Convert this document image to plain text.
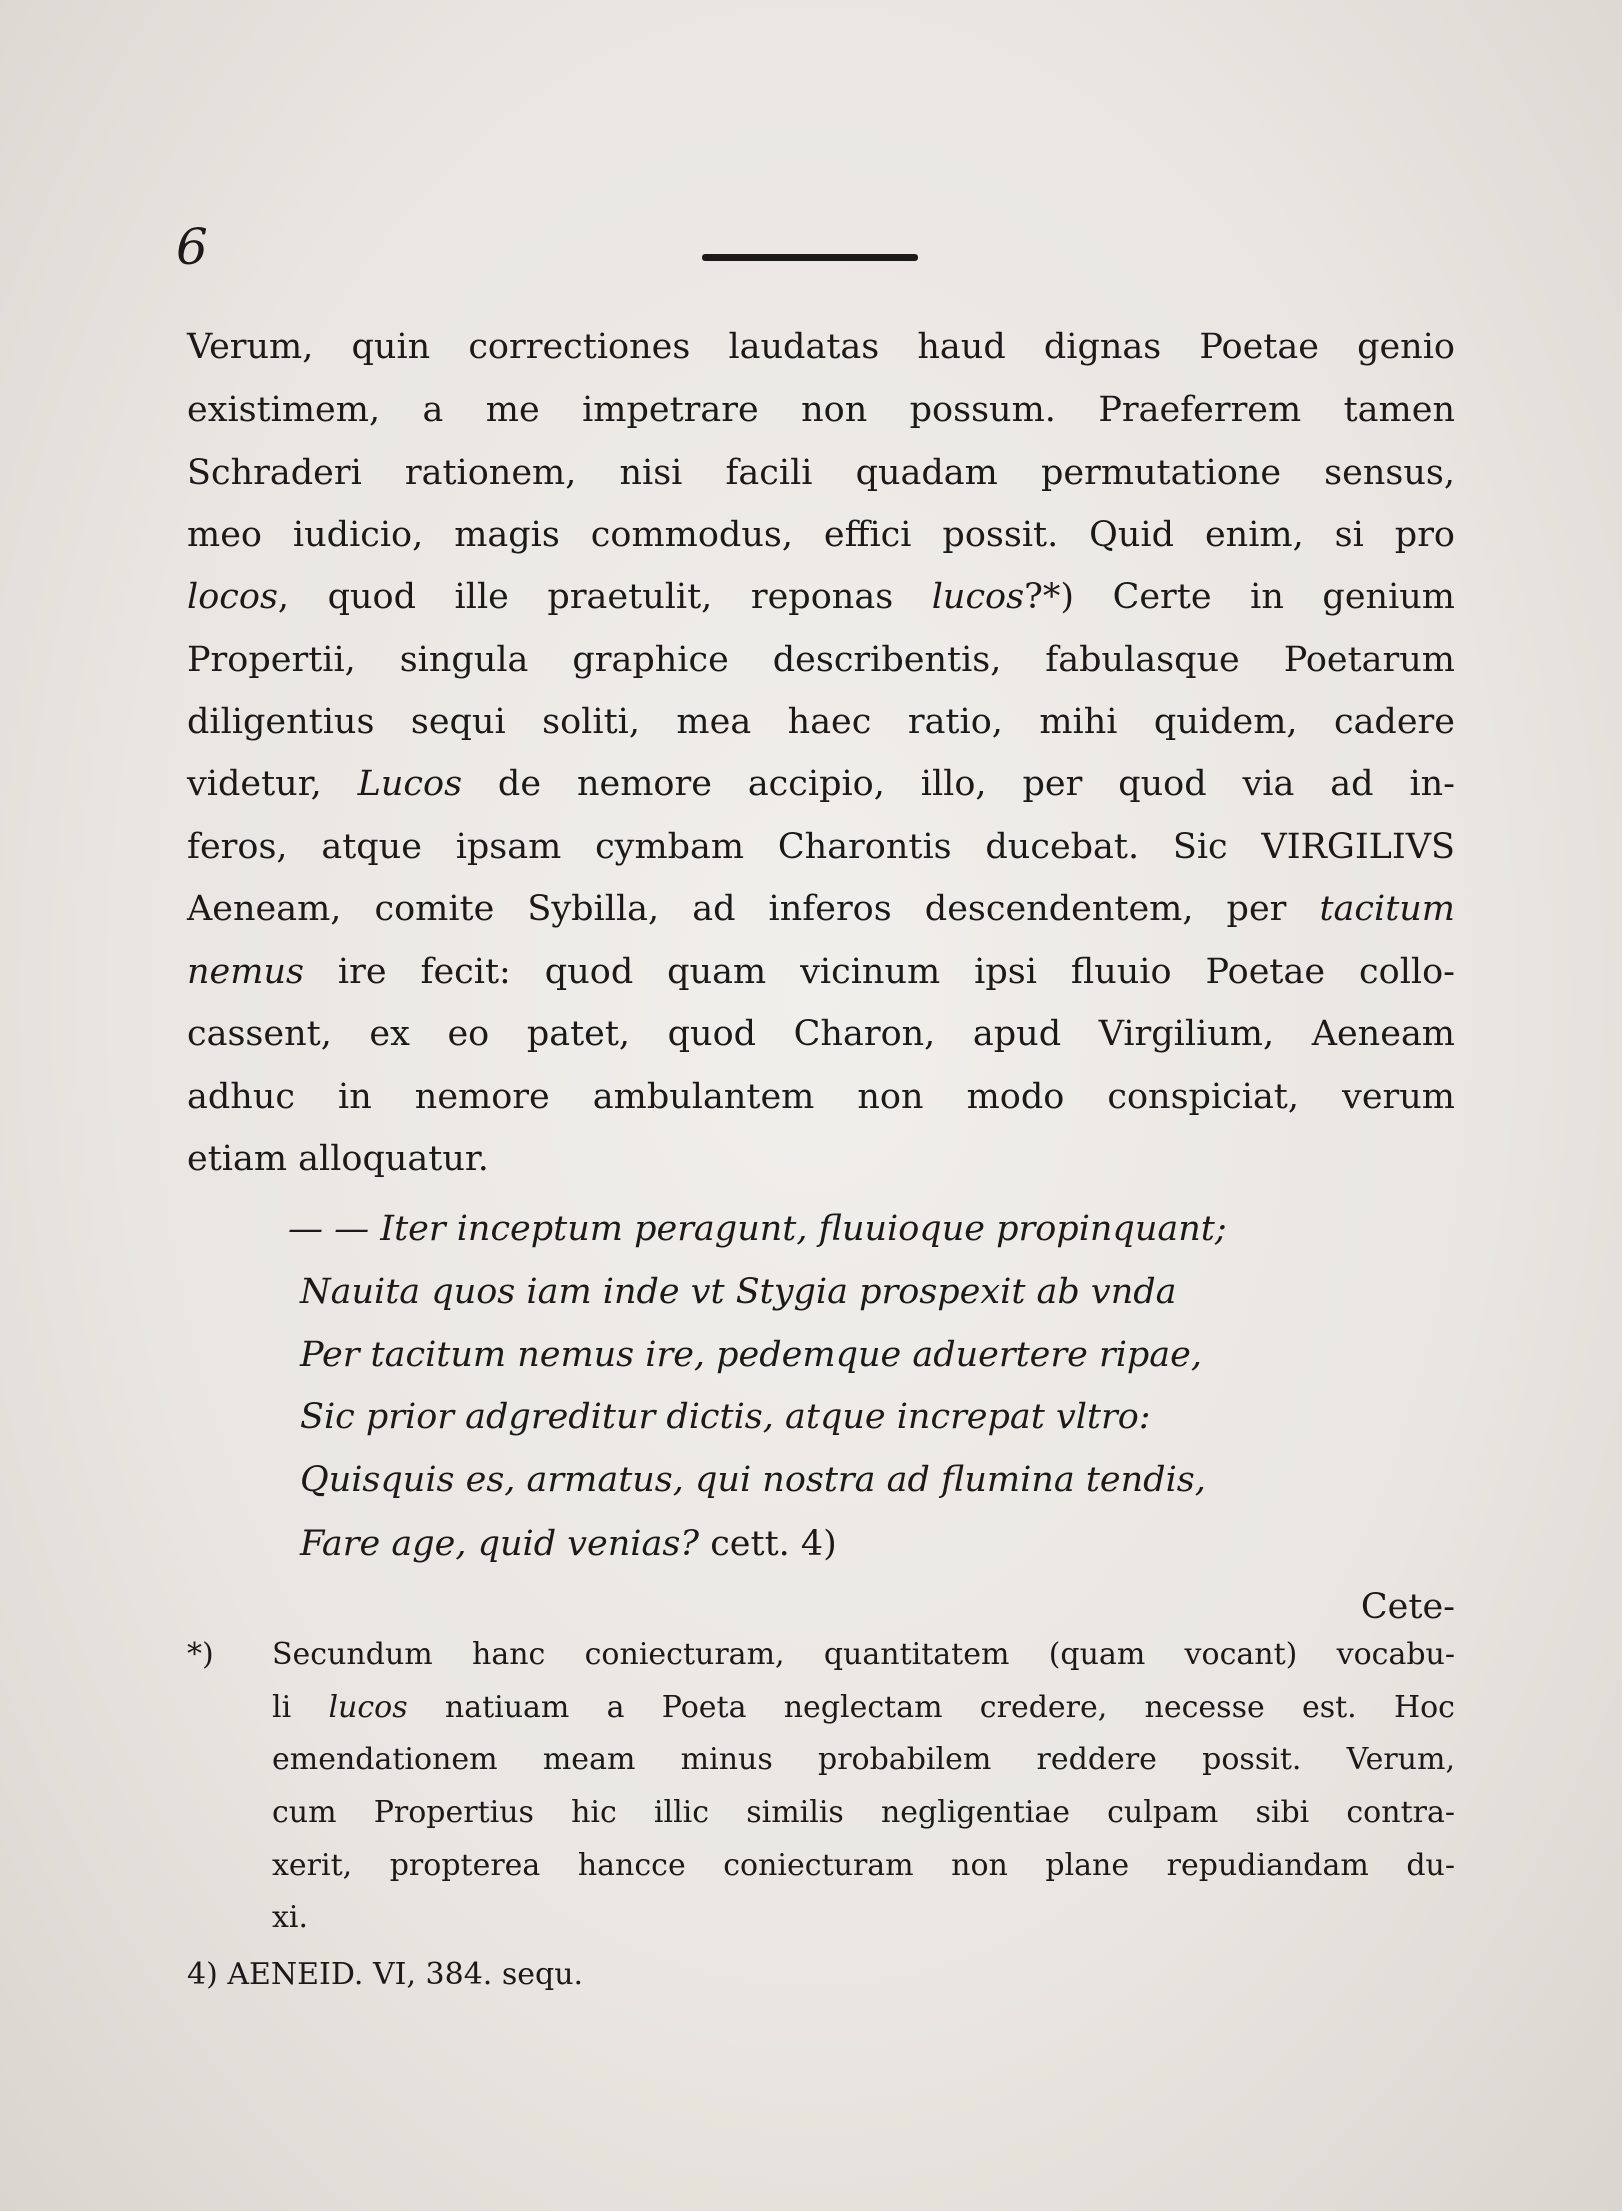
6
Verum, quin correctiones laudatas haud dignas Poetae genio
existimem, a me impetrare non possum. Praeferrem tamen
Schraderi rationem, nisi facili quadam permutatione sensus,
meo iudicio, magis commodus, effici possit. Quid enim, si pro
locos, quod ille praetulit, reponas lucos?*) Certe in genium
Propertii, singula graphice describentis, fabulasque Poetarum
diligentius sequi soliti, mea haec ratio, mihi quidem, cadere
videtur, Lucos de nemore accipio, illo, per quod via ad in-
feros, atque ipsam cymbam Charontis ducebat. Sic VIRGILIVS
Aeneam, comite Sybilla, ad inferos descendentem, per tacitum
nemus ire fecit: quod quam vicinum ipsi fluuio Poetae collo-
cassent, ex eo patet, quod Charon, apud Virgilium, Aeneam
adhuc in nemore ambulantem non modo conspiciat, verum
etiam alloquatur.
— — Iter inceptum peragunt, fluuioque propinquant;
Nauita quos iam inde vt Stygia prospexit ab vnda
Per tacitum nemus ire, pedemque aduertere ripae,
Sic prior adgreditur dictis, atque increpat vltro:
Quisquis es, armatus, qui nostra ad flumina tendis,
Fare age, quid venias? cett. 4)
Cete-
*) Secundum hanc coniecturam, quantitatem (quam vocant) vocabu-
li lucos natiuam a Poeta neglectam credere, necesse est. Hoc
emendationem meam minus probabilem reddere possit. Verum,
cum Propertius hic illic similis negligentiae culpam sibi contra-
xerit, propterea hancce coniecturam non plane repudiandam du-
xi.
4) AENEID. VI, 384. sequ.
